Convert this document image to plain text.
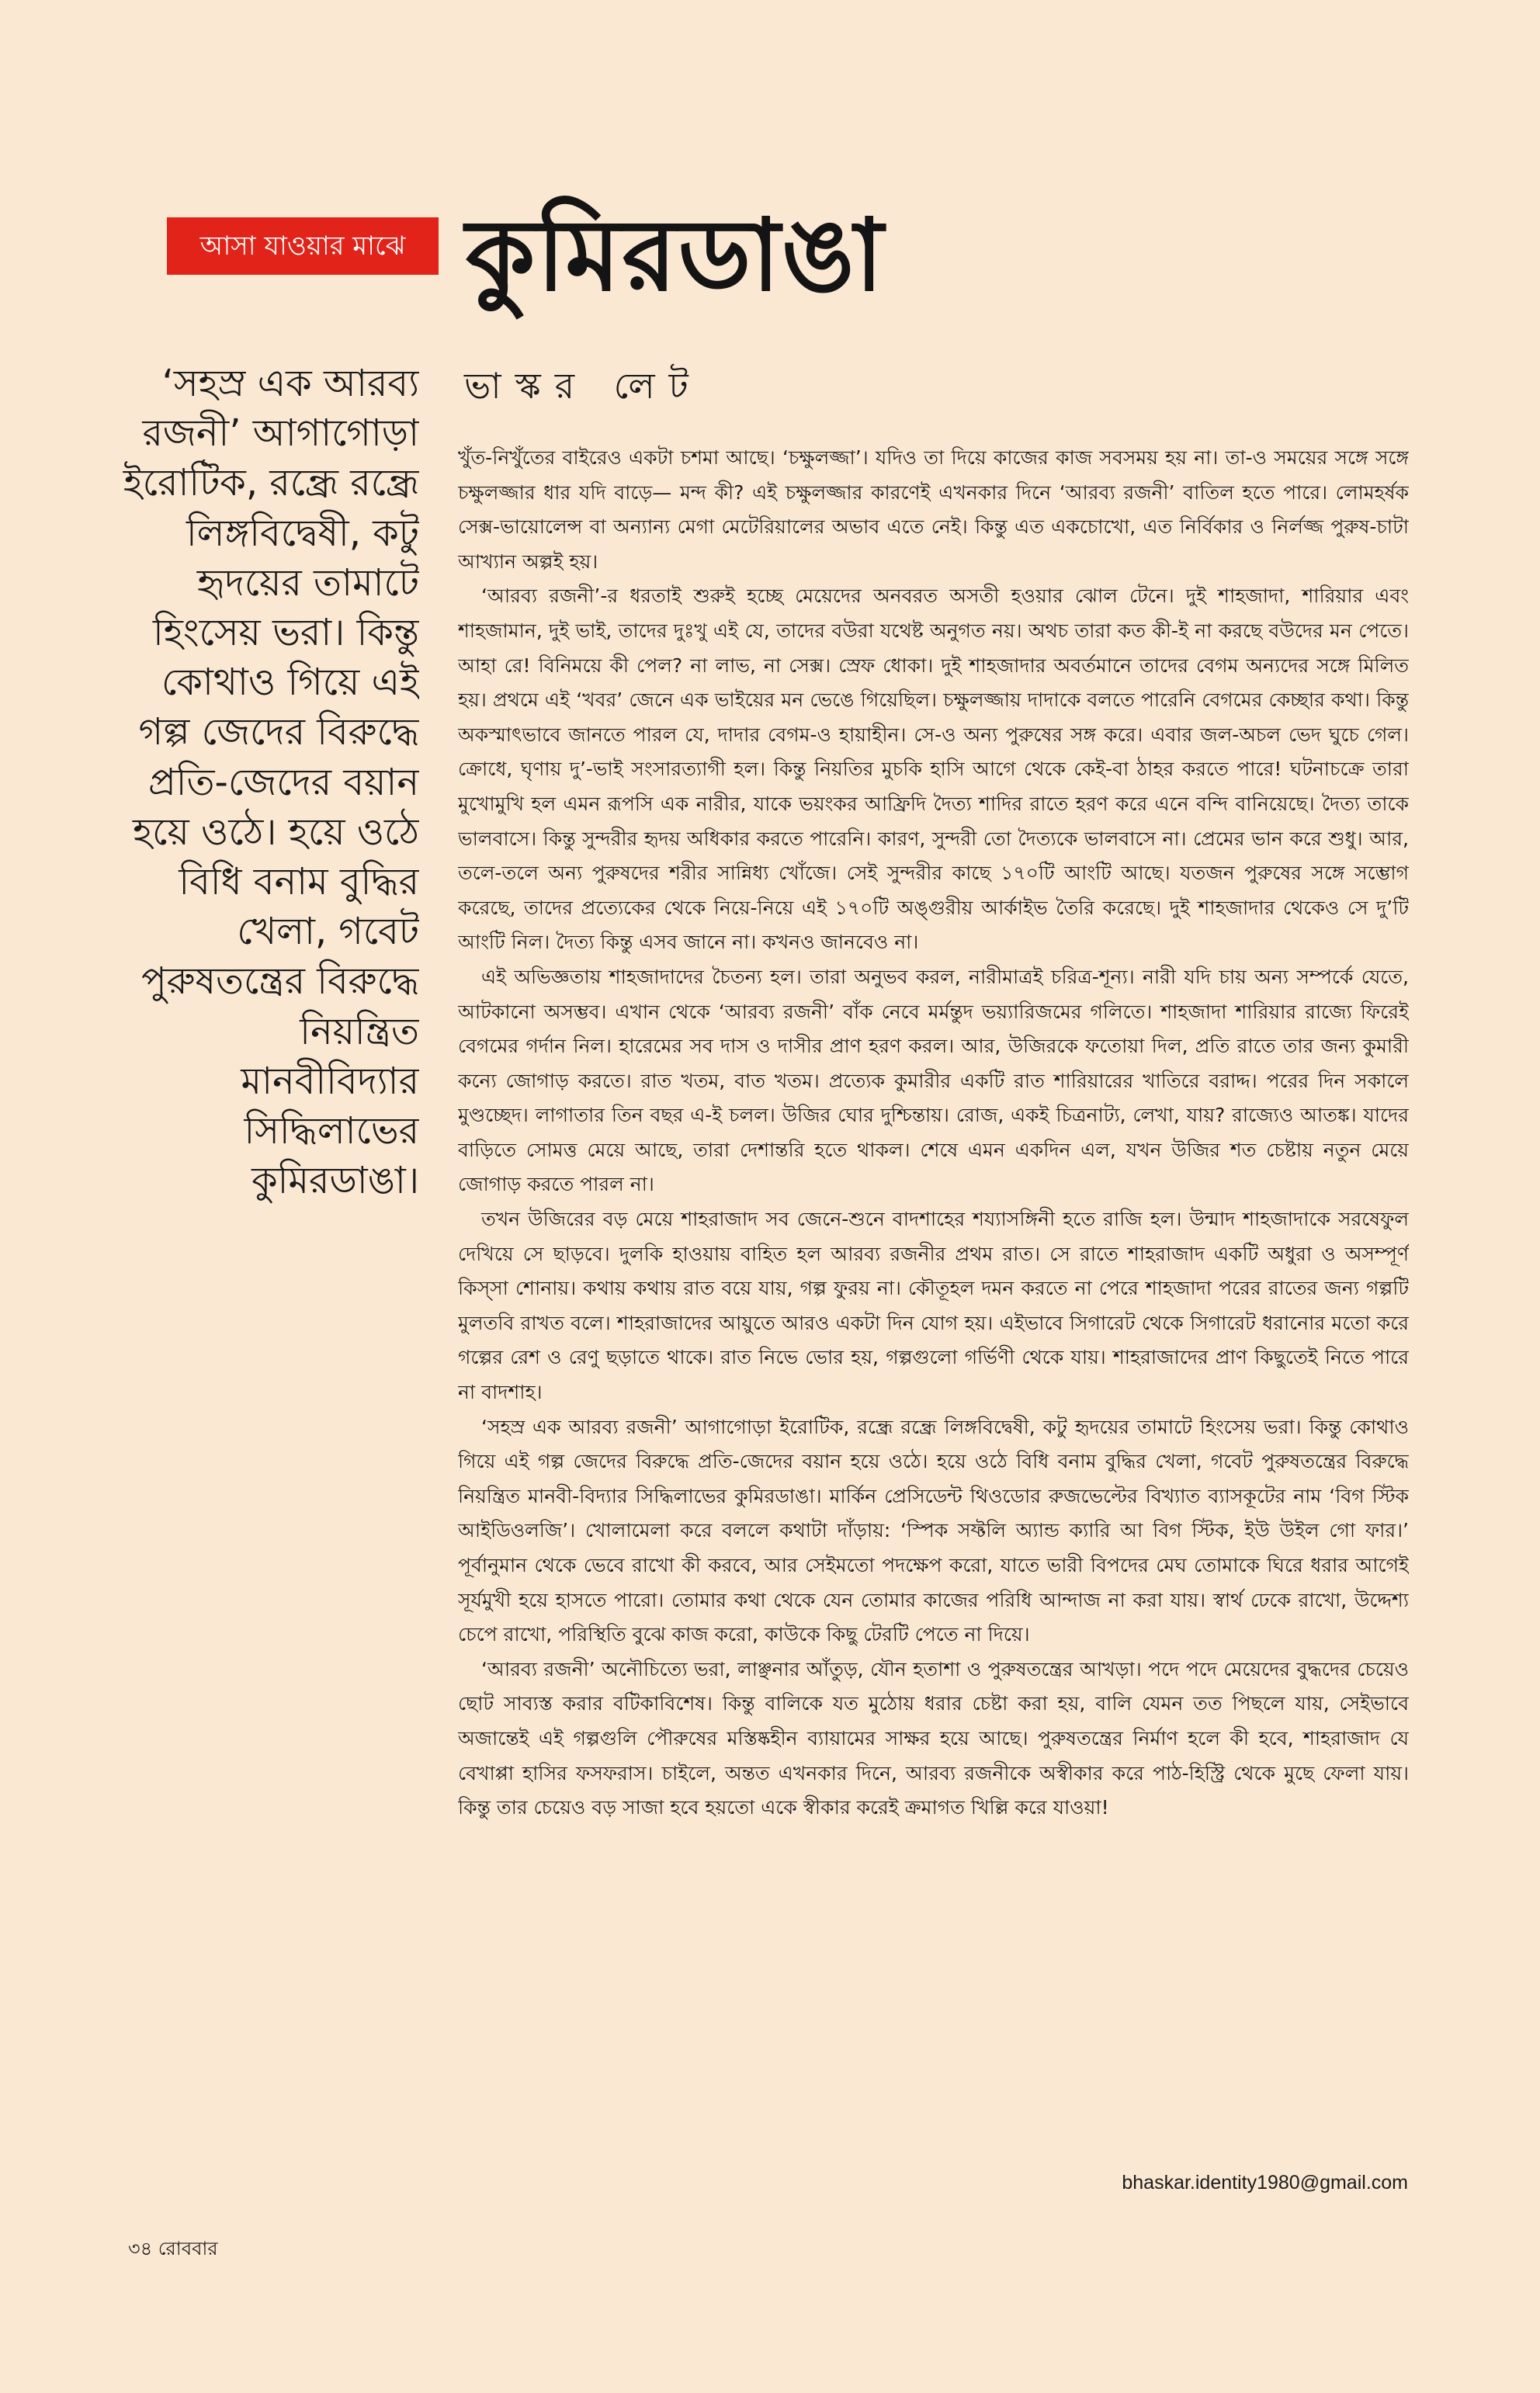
আসা যাওয়ার মাঝে কুমিরডাঙা
ভাস্কর লেট
‘সহস্র এক আরব্য রজনী’ আগাগোড়া ইরোটিক, রন্ধ্রে রন্ধ্রে লিঙ্গবিদ্বেষী, কটু হৃদয়ের তামাটে হিংসেয় ভরা। কিন্তু কোথাও গিয়ে এই গল্প জেদের বিরুদ্ধে প্রতি-জেদের বয়ান হয়ে ওঠে। হয়ে ওঠে বিধি বনাম বুদ্ধির খেলা, গবেট পুরুষতন্ত্রের বিরুদ্ধে নিয়ন্ত্রিত মানবীবিদ্যার সিদ্ধিলাভের কুমিরডাঙা।

খুঁত-নিখুঁতের বাইরেও একটা চশমা আছে। ‘চক্ষুলজ্জা’। যদিও তা দিয়ে কাজের কাজ সবসময় হয় না। তা-ও সময়ের সঙ্গে সঙ্গে চক্ষুলজ্জার ধার যদি বাড়ে— মন্দ কী? এই চক্ষুলজ্জার কারণেই এখনকার দিনে ‘আরব্য রজনী’ বাতিল হতে পারে। লোমহর্ষক সেক্স-ভায়োলেন্স বা অন্যান্য মেগা মেটেরিয়ালের অভাব এতে নেই। কিন্তু এত একচোখো, এত নির্বিকার ও নির্লজ্জ পুরুষ-চাটা আখ্যান অল্পই হয়।

‘আরব্য রজনী’-র ধরতাই শুরুই হচ্ছে মেয়েদের অনবরত অসতী হওয়ার ঝোল টেনে। দুই শাহজাদা, শারিয়ার এবং শাহজামান, দুই ভাই, তাদের দুঃখু এই যে, তাদের বউরা যথেষ্ট অনুগত নয়। অথচ তারা কত কী-ই না করছে বউদের মন পেতে। আহা রে! বিনিময়ে কী পেল? না লাভ, না সেক্স। স্রেফ ধোকা। দুই শাহজাদার অবর্তমানে তাদের বেগম অন্যদের সঙ্গে মিলিত হয়। প্রথমে এই ‘খবর’ জেনে এক ভাইয়ের মন ভেঙে গিয়েছিল। চক্ষুলজ্জায় দাদাকে বলতে পারেনি বেগমের কেচ্ছার কথা। কিন্তু অকস্মাৎভাবে জানতে পারল যে, দাদার বেগম-ও হায়াহীন। সে-ও অন্য পুরুষের সঙ্গ করে। এবার জল-অচল ভেদ ঘুচে গেল। ক্রোধে, ঘৃণায় দু’-ভাই সংসারত্যাগী হল। কিন্তু নিয়তির মুচকি হাসি আগে থেকে কেই-বা ঠাহর করতে পারে! ঘটনাচক্রে তারা মুখোমুখি হল এমন রূপসি এক নারীর, যাকে ভয়ংকর আফ্রিদি দৈত্য শাদির রাতে হরণ করে এনে বন্দি বানিয়েছে। দৈত্য তাকে ভালবাসে। কিন্তু সুন্দরীর হৃদয় অধিকার করতে পারেনি। কারণ, সুন্দরী তো দৈত্যকে ভালবাসে না। প্রেমের ভান করে শুধু। আর, তলে-তলে অন্য পুরুষদের শরীর সান্নিধ্য খোঁজে। সেই সুন্দরীর কাছে ১৭০টি আংটি আছে। যতজন পুরুষের সঙ্গে সম্ভোগ করেছে, তাদের প্রত্যেকের থেকে নিয়ে-নিয়ে এই ১৭০টি অঙ্গুরীয় আর্কাইভ তৈরি করেছে। দুই শাহজাদার থেকেও সে দু’টি আংটি নিল। দৈত্য কিন্তু এসব জানে না। কখনও জানবেও না।

এই অভিজ্ঞতায় শাহজাদাদের চৈতন্য হল। তারা অনুভব করল, নারীমাত্রই চরিত্র-শূন্য। নারী যদি চায় অন্য সম্পর্কে যেতে, আটকানো অসম্ভব। এখান থেকে ‘আরব্য রজনী’ বাঁক নেবে মর্মন্তুদ ভয়্যারিজমের গলিতে। শাহজাদা শারিয়ার রাজ্যে ফিরেই বেগমের গর্দান নিল। হারেমের সব দাস ও দাসীর প্রাণ হরণ করল। আর, উজিরকে ফতোয়া দিল, প্রতি রাতে তার জন্য কুমারী কন্যে জোগাড় করতে। রাত খতম, বাত খতম। প্রত্যেক কুমারীর একটি রাত শারিয়ারের খাতিরে বরাদ্দ। পরের দিন সকালে মুণ্ডচ্ছেদ। লাগাতার তিন বছর এ-ই চলল। উজির ঘোর দুশ্চিন্তায়। রোজ, একই চিত্রনাট্য, লেখা, যায়? রাজ্যেও আতঙ্ক। যাদের বাড়িতে সোমত্ত মেয়ে আছে, তারা দেশান্তরি হতে থাকল। শেষে এমন একদিন এল, যখন উজির শত চেষ্টায় নতুন মেয়ে জোগাড় করতে পারল না।

তখন উজিরের বড় মেয়ে শাহরাজাদ সব জেনে-শুনে বাদশাহের শয্যাসঙ্গিনী হতে রাজি হল। উন্মাদ শাহজাদাকে সরষেফুল দেখিয়ে সে ছাড়বে। দুলকি হাওয়ায় বাহিত হল আরব্য রজনীর প্রথম রাত। সে রাতে শাহরাজাদ একটি অধুরা ও অসম্পূর্ণ কিস্সা শোনায়। কথায় কথায় রাত বয়ে যায়, গল্প ফুরয় না। কৌতূহল দমন করতে না পেরে শাহজাদা পরের রাতের জন্য গল্পটি মুলতবি রাখত বলে। শাহরাজাদের আয়ুতে আরও একটা দিন যোগ হয়। এইভাবে সিগারেট থেকে সিগারেট ধরানোর মতো করে গল্পের রেশ ও রেণু ছড়াতে থাকে। রাত নিভে ভোর হয়, গল্পগুলো গর্ভিণী থেকে যায়। শাহরাজাদের প্রাণ কিছুতেই নিতে পারে না বাদশাহ।

‘সহস্র এক আরব্য রজনী’ আগাগোড়া ইরোটিক, রন্ধ্রে রন্ধ্রে লিঙ্গবিদ্বেষী, কটু হৃদয়ের তামাটে হিংসেয় ভরা। কিন্তু কোথাও গিয়ে এই গল্প জেদের বিরুদ্ধে প্রতি-জেদের বয়ান হয়ে ওঠে। হয়ে ওঠে বিধি বনাম বুদ্ধির খেলা, গবেট পুরুষতন্ত্রের বিরুদ্ধে নিয়ন্ত্রিত মানবী-বিদ্যার সিদ্ধিলাভের কুমিরডাঙা। মার্কিন প্রেসিডেন্ট থিওডোর রুজভেল্টের বিখ্যাত ব্যাসকূটের নাম ‘বিগ স্টিক আইডিওলজি’। খোলামেলা করে বললে কথাটা দাঁড়ায়: ‘স্পিক সফ্টলি অ্যান্ড ক্যারি আ বিগ স্টিক, ইউ উইল গো ফার।’ পূর্বানুমান থেকে ভেবে রাখো কী করবে, আর সেইমতো পদক্ষেপ করো, যাতে ভারী বিপদের মেঘ তোমাকে ঘিরে ধরার আগেই সূর্যমুখী হয়ে হাসতে পারো। তোমার কথা থেকে যেন তোমার কাজের পরিধি আন্দাজ না করা যায়। স্বার্থ ঢেকে রাখো, উদ্দেশ্য চেপে রাখো, পরিস্থিতি বুঝে কাজ করো, কাউকে কিছু টেরটি পেতে না দিয়ে।

‘আরব্য রজনী’ অনৌচিত্যে ভরা, লাঞ্ছনার আঁতুড়, যৌন হতাশা ও পুরুষতন্ত্রের আখড়া। পদে পদে মেয়েদের বুদ্ধদের চেয়েও ছোট সাব্যস্ত করার বটিকাবিশেষ। কিন্তু বালিকে যত মুঠোয় ধরার চেষ্টা করা হয়, বালি যেমন তত পিছলে যায়, সেইভাবে অজান্তেই এই গল্পগুলি পৌরুষের মস্তিষ্কহীন ব্যায়ামের সাক্ষর হয়ে আছে। পুরুষতন্ত্রের নির্মাণ হলে কী হবে, শাহরাজাদ যে বেখাপ্পা হাসির ফসফরাস। চাইলে, অন্তত এখনকার দিনে, আরব্য রজনীকে অস্বীকার করে পাঠ-হিস্ট্রি থেকে মুছে ফেলা যায়। কিন্তু তার চেয়েও বড় সাজা হবে হয়তো একে স্বীকার করেই ক্রমাগত খিল্লি করে যাওয়া!

bhaskar.identity1980@gmail.com
৩৪ রোববার
